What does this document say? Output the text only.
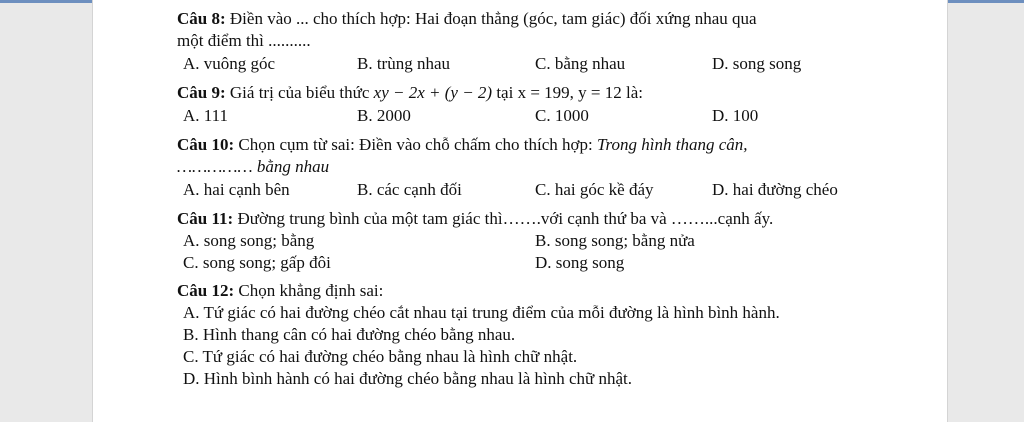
Câu 8: Điền vào ... cho thích hợp: Hai đoạn thẳng (góc, tam giác) đối xứng nhau qua
một điểm thì ..........
A. vuông góc	B. trùng nhau	C. bằng nhau	D. song song
Câu 9: Giá trị của biểu thức xy − 2x + (y − 2) tại x = 199, y = 12 là:
A. 111	B. 2000	C. 1000	D. 100
Câu 10: Chọn cụm từ sai: Điền vào chỗ chấm cho thích hợp: Trong hình thang cân,
…………… bằng nhau
A. hai cạnh bên	B. các cạnh đối	C. hai góc kề đáy	D. hai đường chéo
Câu 11: Đường trung bình của một tam giác thì…….với cạnh thứ ba và ……...cạnh ấy.
A. song song; bằng	B. song song; bằng nửa
C. song song; gấp đôi	D. song song
Câu 12: Chọn khẳng định sai:
A. Tứ giác có hai đường chéo cắt nhau tại trung điểm của mỗi đường là hình bình hành.
B. Hình thang cân có hai đường chéo bằng nhau.
C. Tứ giác có hai đường chéo bằng nhau là hình chữ nhật.
D. Hình bình hành có hai đường chéo bằng nhau là hình chữ nhật.
